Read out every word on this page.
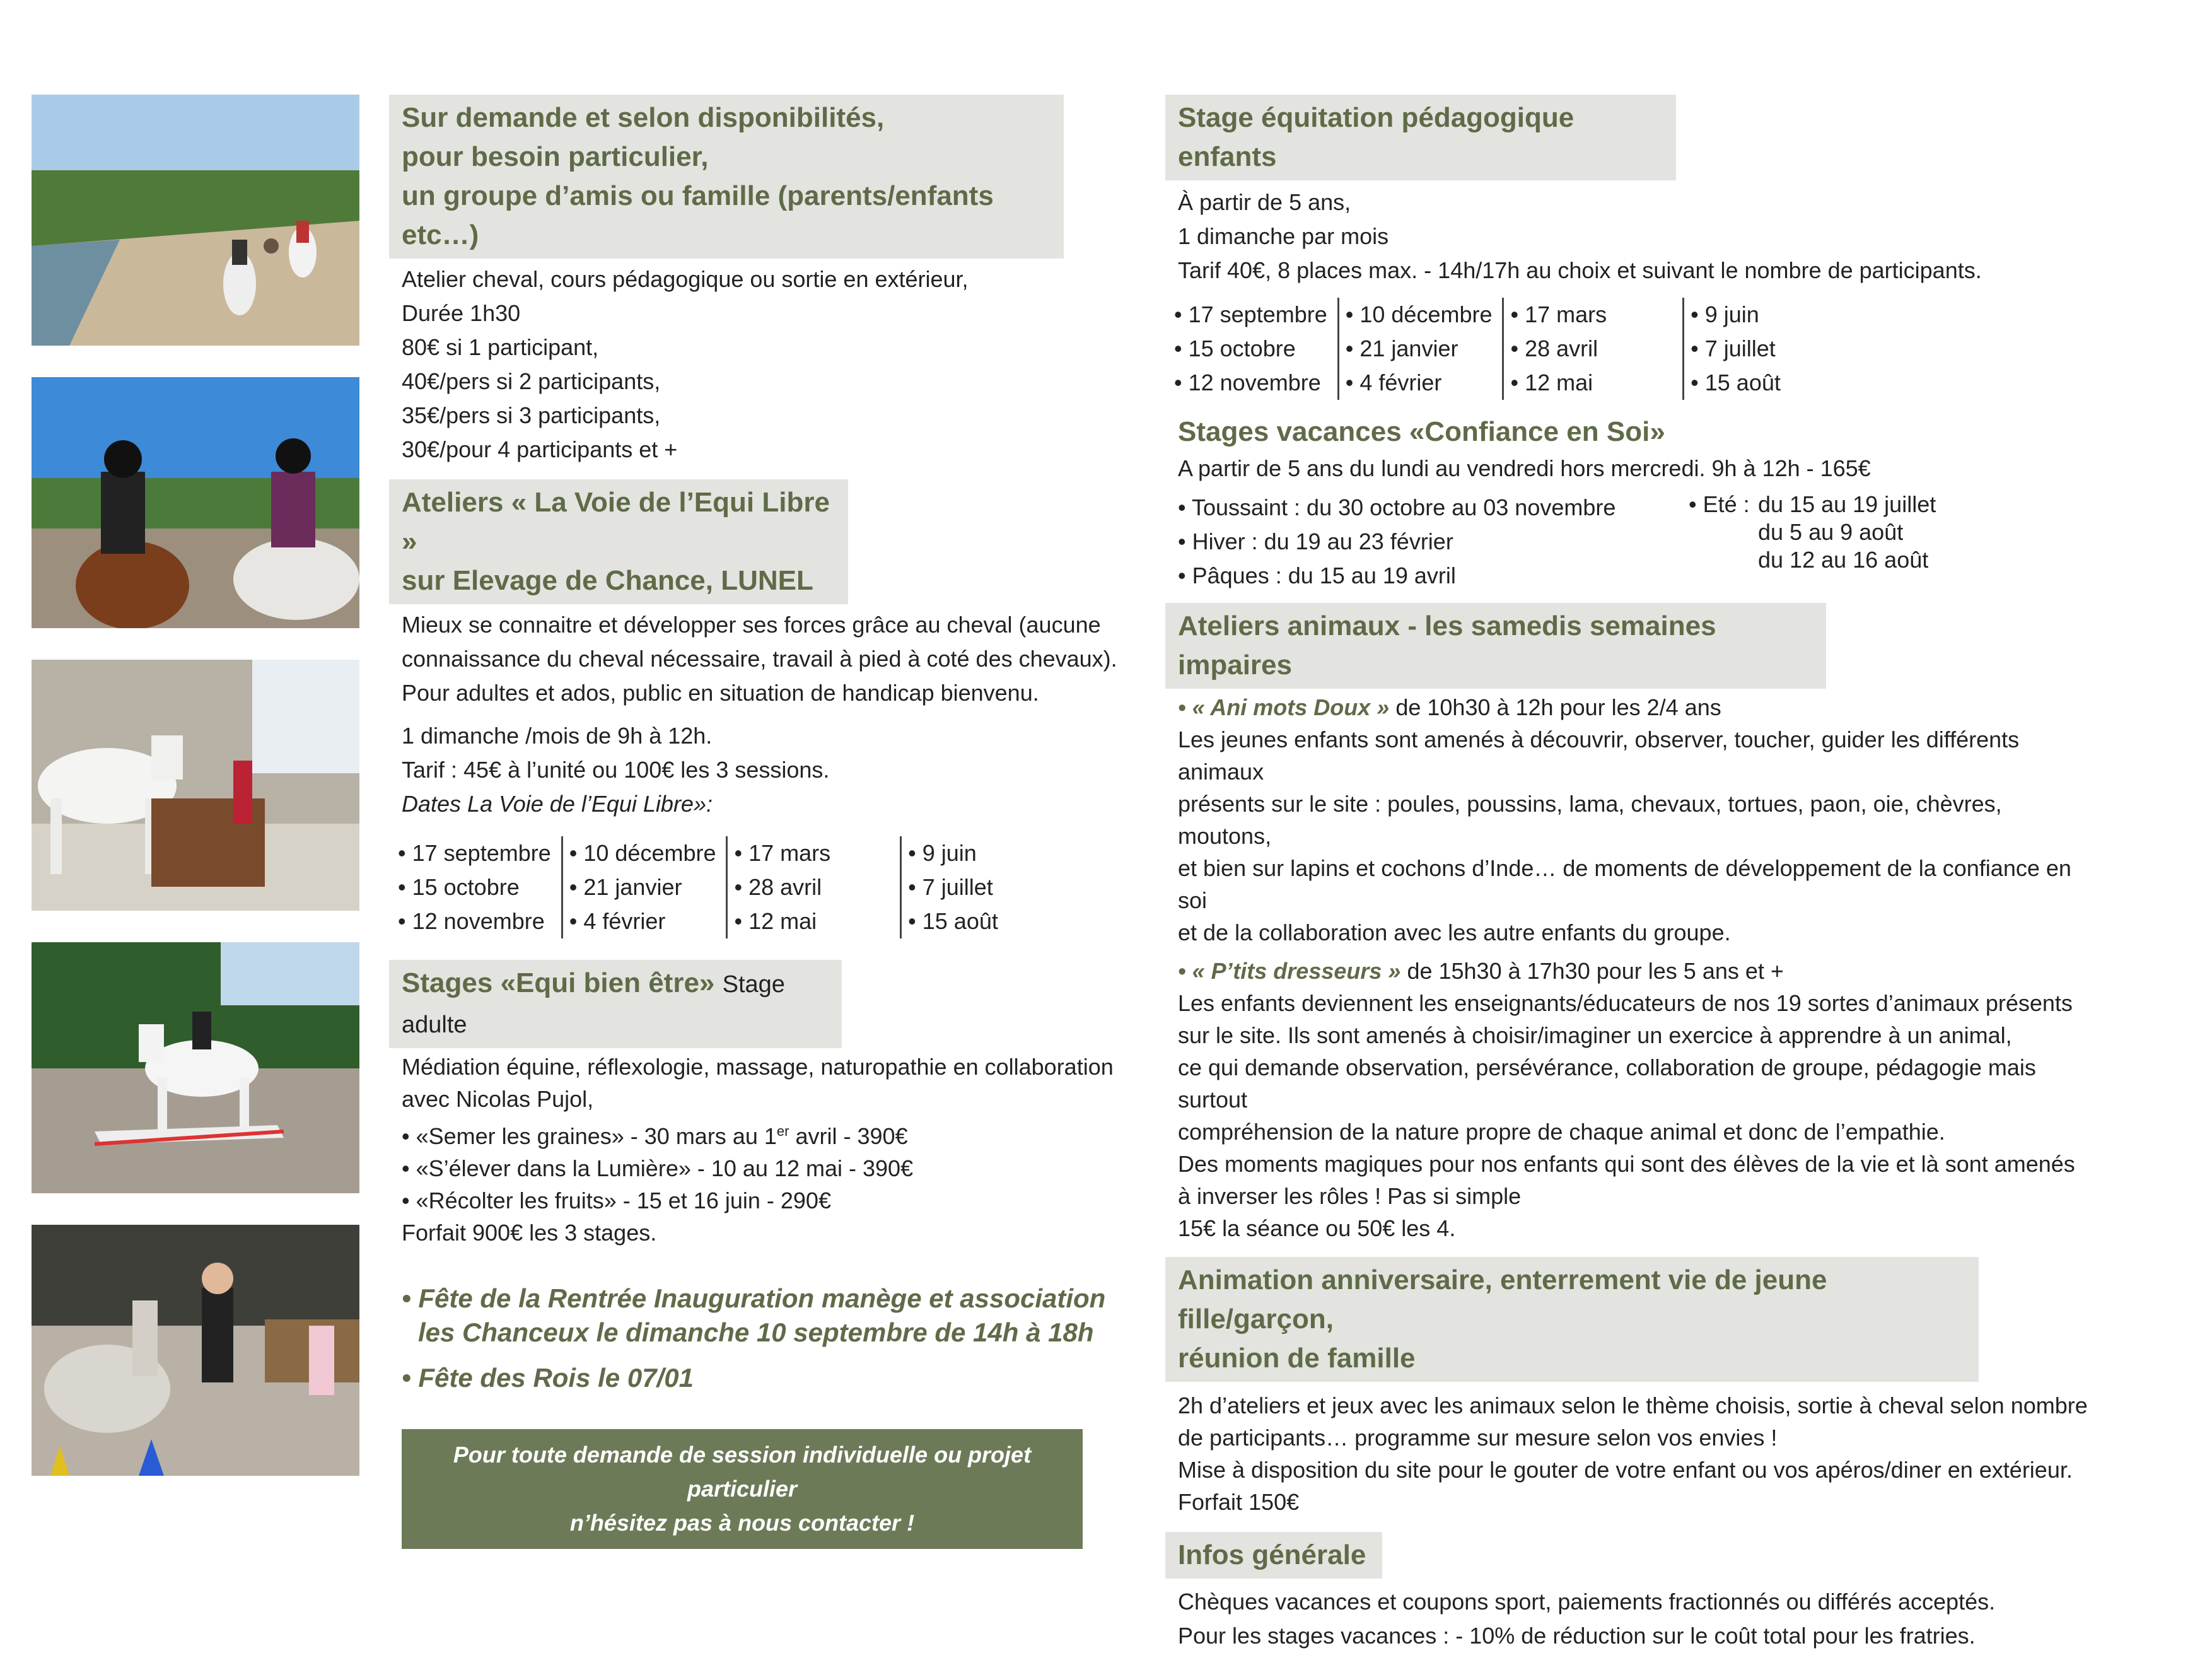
Sur demande et selon disponibilités,
pour besoin particulier,
un groupe d’amis ou famille (parents/enfants etc…)

Atelier cheval, cours pédagogique ou sortie en extérieur,

Durée 1h30

80€ si 1 participant,

40€/pers si 2 participants,

35€/pers si 3 participants,

30€/pour 4 participants et +

Ateliers « La Voie de l’Equi Libre »
sur Elevage de Chance, LUNEL

Mieux se connaitre et développer ses forces grâce au cheval (aucune

connaissance du cheval nécessaire, travail à pied à coté des chevaux).

Pour adultes et ados, public en situation de handicap bienvenu.

1 dimanche /mois de 9h à 12h.

Tarif : 45€ à l’unité ou 100€ les 3 sessions.

Dates La Voie de l’Equi Libre»:

• 17 septembre	• 10 décembre	• 17 mars	• 9 juin
• 15 octobre	• 21 janvier	• 28 avril	• 7 juillet
• 12 novembre	• 4 février	• 12 mai	• 15 août
Stages «Equi bien être» Stage adulte

Médiation équine, réflexologie, massage, naturopathie en collaboration

avec Nicolas Pujol,

• «Semer les graines» - 30 mars au 1er avril - 390€

• «S’élever dans la Lumière» - 10 au 12 mai - 390€

• «Récolter les fruits» - 15 et 16 juin - 290€

Forfait 900€ les 3 stages.

• Fête de la Rentrée Inauguration manège et association
les Chanceux le dimanche 10 septembre de 14h à 18h
• Fête des Rois le 07/01
Pour toute demande de session individuelle ou projet particulier
n’hésitez pas à nous contacter !
Stage équitation pédagogique enfants

À partir de 5 ans,

1 dimanche par mois

Tarif 40€, 8 places max. - 14h/17h au choix et suivant le nombre de participants.

• 17 septembre	• 10 décembre	• 17 mars	• 9 juin
• 15 octobre	• 21 janvier	• 28 avril	• 7 juillet
• 12 novembre	• 4 février	• 12 mai	• 15 août
Stages vacances «Confiance en Soi»

A partir de 5 ans du lundi au vendredi hors mercredi. 9h à 12h - 165€

• Toussaint : du 30 octobre au 03 novembre

• Hiver : du 19 au 23 février

• Pâques : du 15 au 19 avril

• Eté : du 15 au 19 juillet

du 5 au 9 août

du 12 au 16 août

Ateliers animaux - les samedis semaines impaires

• « Ani mots Doux » de 10h30 à 12h pour les 2/4 ans

Les jeunes enfants sont amenés à découvrir, observer, toucher, guider les différents animaux

présents sur le site : poules, poussins, lama, chevaux, tortues, paon, oie, chèvres, moutons,

et bien sur lapins et cochons d’Inde… de moments de développement de la confiance en soi

et de la collaboration avec les autre enfants du groupe.

• « P’tits dresseurs » de 15h30 à 17h30 pour les 5 ans et +

Les enfants deviennent les enseignants/éducateurs de nos 19 sortes d’animaux présents

sur le site. Ils sont amenés à choisir/imaginer un exercice à apprendre à un animal,

ce qui demande observation, persévérance, collaboration de groupe, pédagogie mais surtout

compréhension de la nature propre de chaque animal et donc de l’empathie.

Des moments magiques pour nos enfants qui sont des élèves de la vie et là sont amenés

à inverser les rôles ! Pas si simple

15€ la séance ou 50€ les 4.

Animation anniversaire, enterrement vie de jeune fille/garçon,
réunion de famille

2h d’ateliers et jeux avec les animaux selon le thème choisis, sortie à cheval selon nombre

de participants… programme sur mesure selon vos envies !

Mise à disposition du site pour le gouter de votre enfant ou vos apéros/diner en extérieur.

Forfait 150€

Infos générale

Chèques vacances et coupons sport, paiements fractionnés ou différés acceptés.

Pour les stages vacances : - 10% de réduction sur le coût total pour les fratries.
